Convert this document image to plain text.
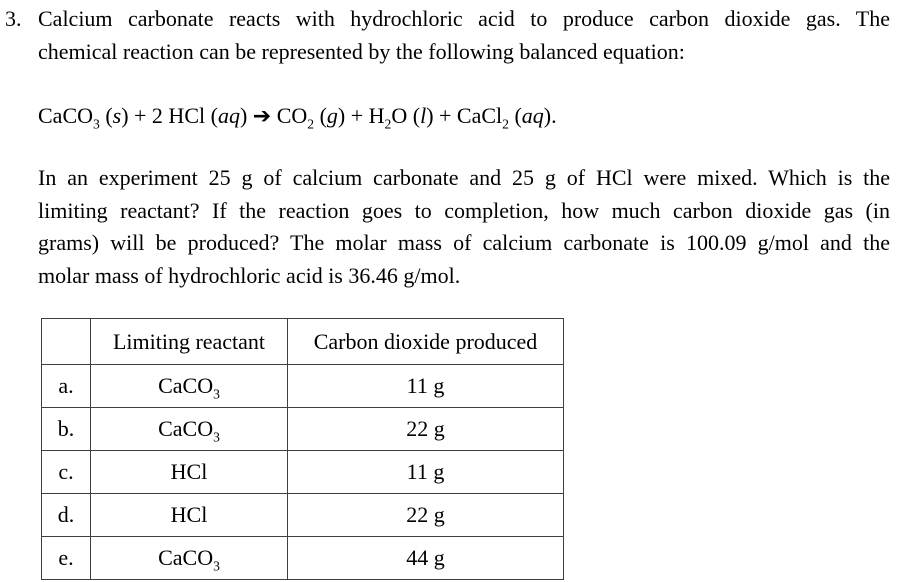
3. Calcium carbonate reacts with hydrochloric acid to produce carbon dioxide gas. The
chemical reaction can be represented by the following balanced equation:

CaCO$_3$ (s) + 2 HCl (aq) ➔ $CO_2$ $(g) + H_2O$ (l) + CaCl$_2$ (aq).

In an experiment 25 g of calcium carbonate and 25 g of HCl were mixed. Which is the
limiting reactant? If the reaction goes to completion, how much carbon dioxide gas (in
grams) will be produced? The molar mass of calcium carbonate is 100.09 g/mol and the
molar mass of hydrochloric acid is 36.46 g/mol.
	Limiting reactant	Carbon dioxide produced
a.	CaCO$_3$	11 g
b.	CaCO$_3$	22 g
c.	HCl	11 g
d.	HCl	22 g
e.	CaCO$_3$	44 g
